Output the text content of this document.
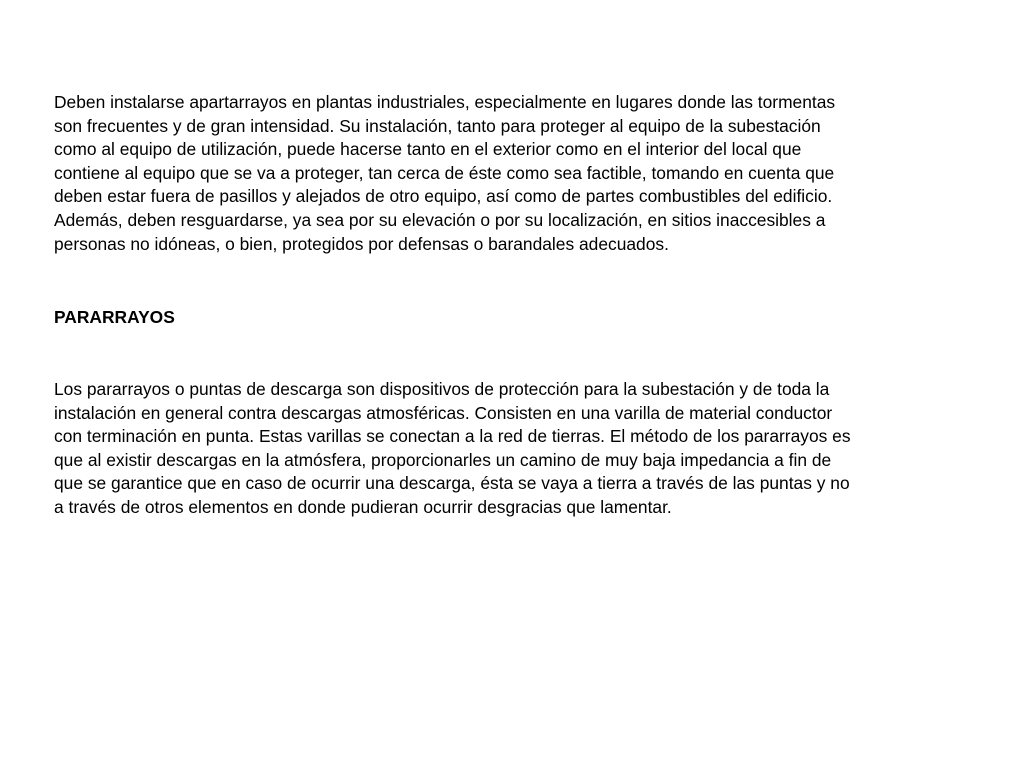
Deben instalarse apartarrayos en plantas industriales, especialmente en lugares donde las tormentas
son frecuentes y de gran intensidad. Su instalación, tanto para proteger al equipo de la subestación
como al equipo de utilización, puede hacerse tanto en el exterior como en el interior del local que
contiene al equipo que se va a proteger, tan cerca de éste como sea factible, tomando en cuenta que
deben estar fuera de pasillos y alejados de otro equipo, así como de partes combustibles del edificio.
Además, deben resguardarse, ya sea por su elevación o por su localización, en sitios inaccesibles a
personas no idóneas, o bien, protegidos por defensas o barandales adecuados.

PARARRAYOS

Los pararrayos o puntas de descarga son dispositivos de protección para la subestación y de toda la
instalación en general contra descargas atmosféricas. Consisten en una varilla de material conductor
con terminación en punta. Estas varillas se conectan a la red de tierras. El método de los pararrayos es
que al existir descargas en la atmósfera, proporcionarles un camino de muy baja impedancia a fin de
que se garantice que en caso de ocurrir una descarga, ésta se vaya a tierra a través de las puntas y no
a través de otros elementos en donde pudieran ocurrir desgracias que lamentar.
